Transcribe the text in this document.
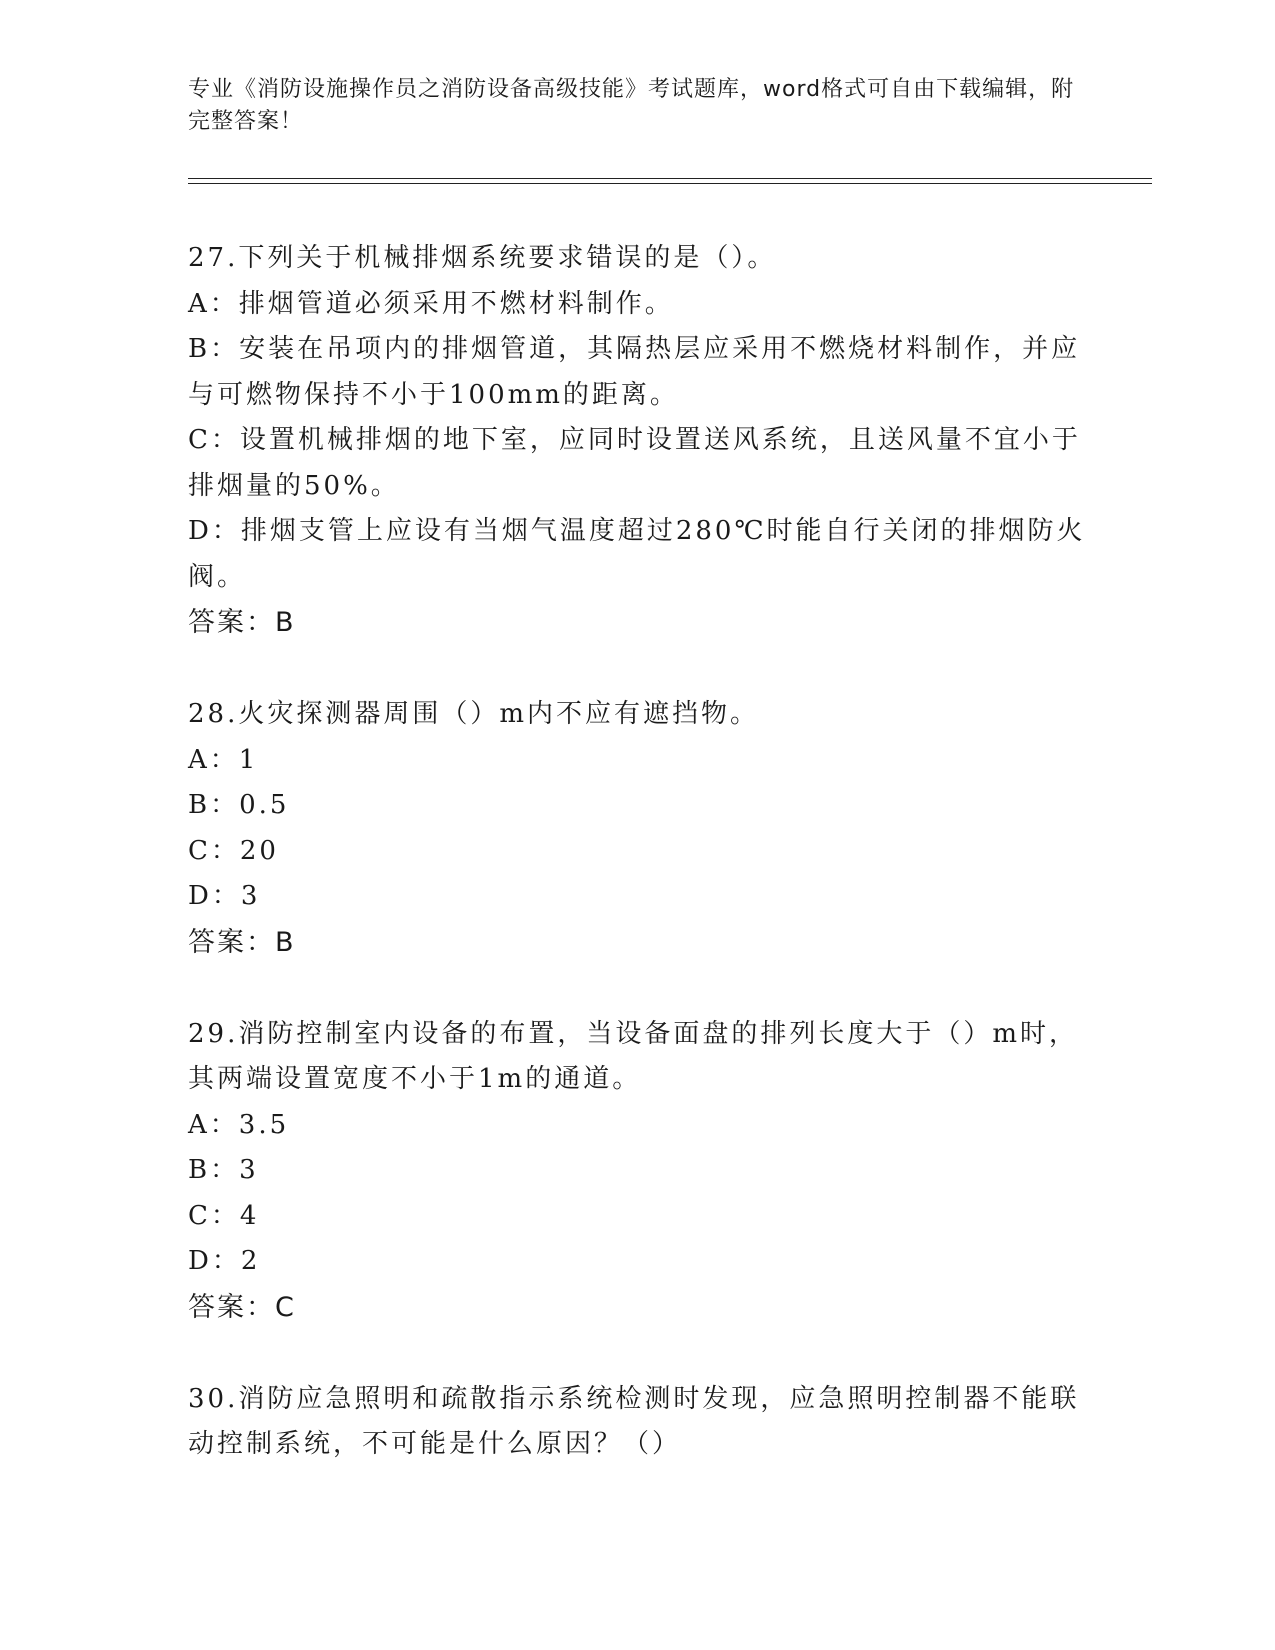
专业《消防设施操作员之消防设备高级技能》考试题库，word格式可自由下载编辑，附完整答案！
27.下列关于机械排烟系统要求错误的是（）。
A：排烟管道必须采用不燃材料制作。
B：安装在吊项内的排烟管道，其隔热层应采用不燃烧材料制作，并应与可燃物保持不小于100mm的距离。
C：设置机械排烟的地下室，应同时设置送风系统，且送风量不宜小于排烟量的50%。
D：排烟支管上应设有当烟气温度超过280℃时能自行关闭的排烟防火阀。
答案：B
28.火灾探测器周围（）m内不应有遮挡物。
A：1
B：0.5
C：20
D：3
答案：B
29.消防控制室内设备的布置，当设备面盘的排列长度大于（）m时，其两端设置宽度不小于1m的通道。
A：3.5
B：3
C：4
D：2
答案：C
30.消防应急照明和疏散指示系统检测时发现，应急照明控制器不能联动控制系统，不可能是什么原因？（）
